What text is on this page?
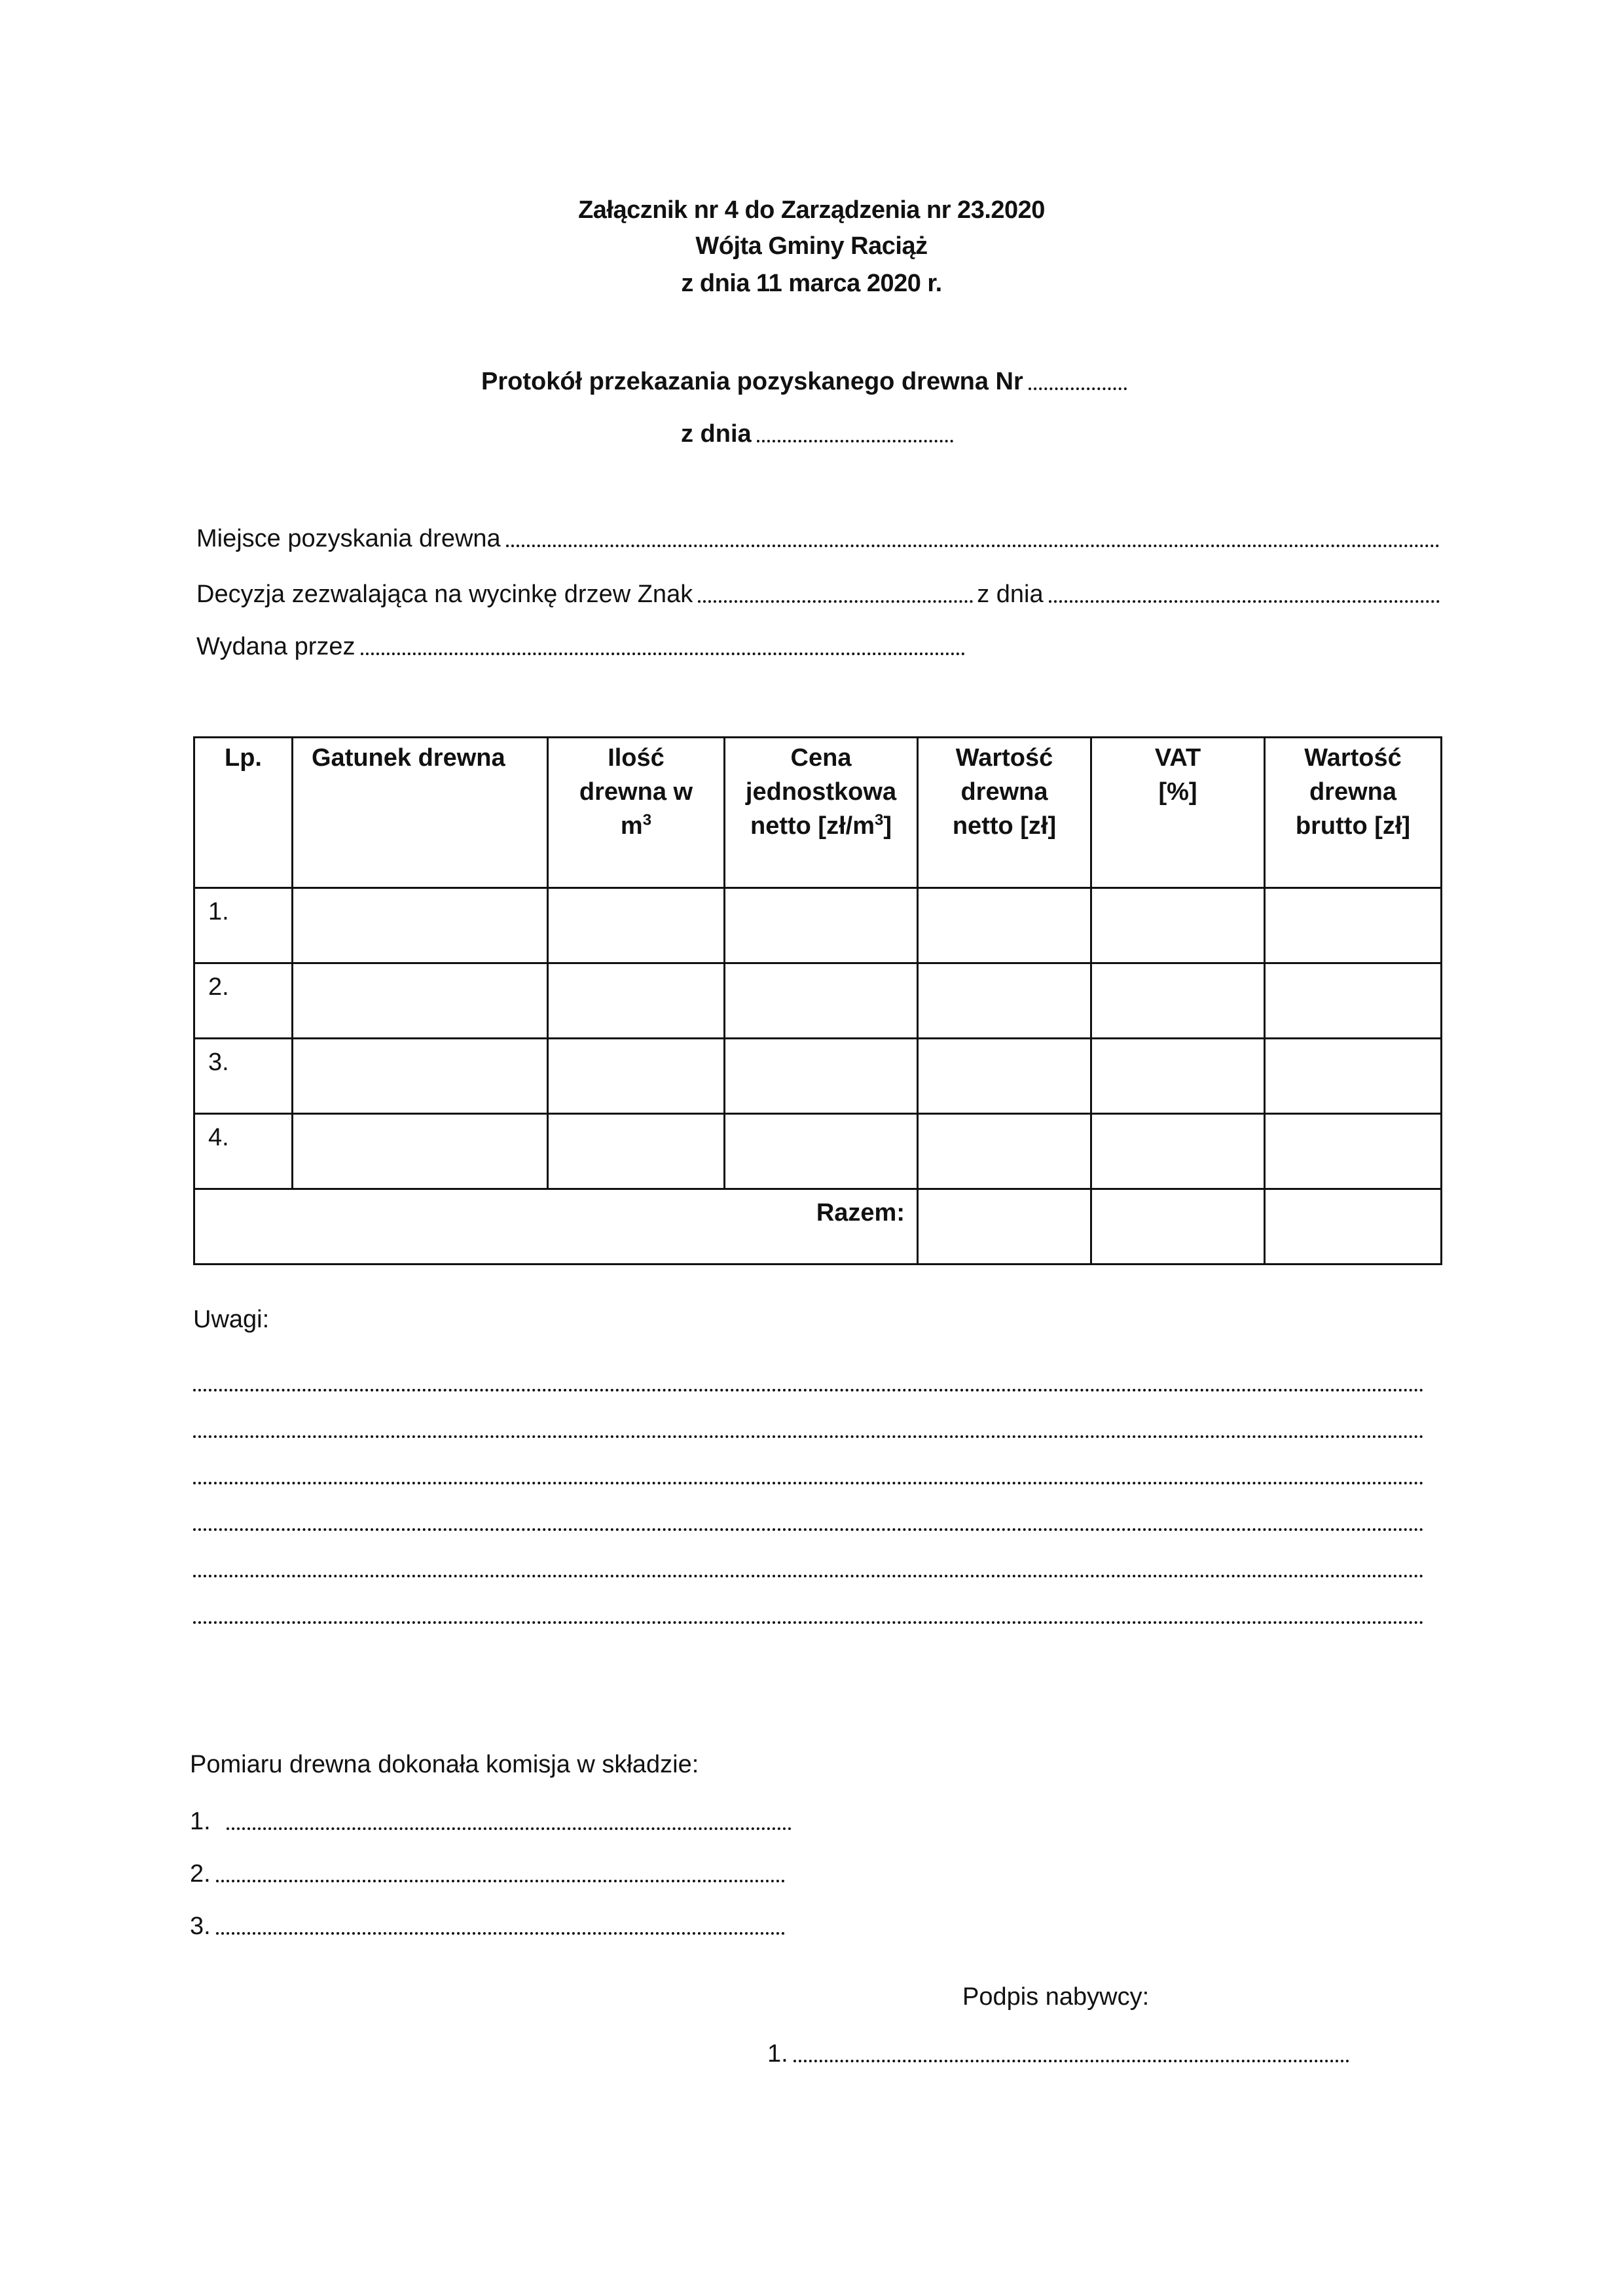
Załącznik nr 4 do Zarządzenia nr 23.2020
Wójta Gminy Raciąż
z dnia 11 marca 2020 r.
Protokół przekazania pozyskanego drewna Nr
z dnia
Miejsce pozyskania drewna
Decyzja zezwalająca na wycinkę drzew Znak	z dnia
Wydana przez
Lp.	Gatunek drewna	Ilość drewna w $m^3$	Cena jednostkowa netto $[zł/m^3]$	Wartość drewna netto [zł]	VAT [%]	Wartość drewna brutto [zł]
1.						
2.						
3.						
4.						
Razem:						
Uwagi:
Pomiaru drewna dokonała komisja w składzie:
1.
2.
3.
Podpis nabywcy:
1.
